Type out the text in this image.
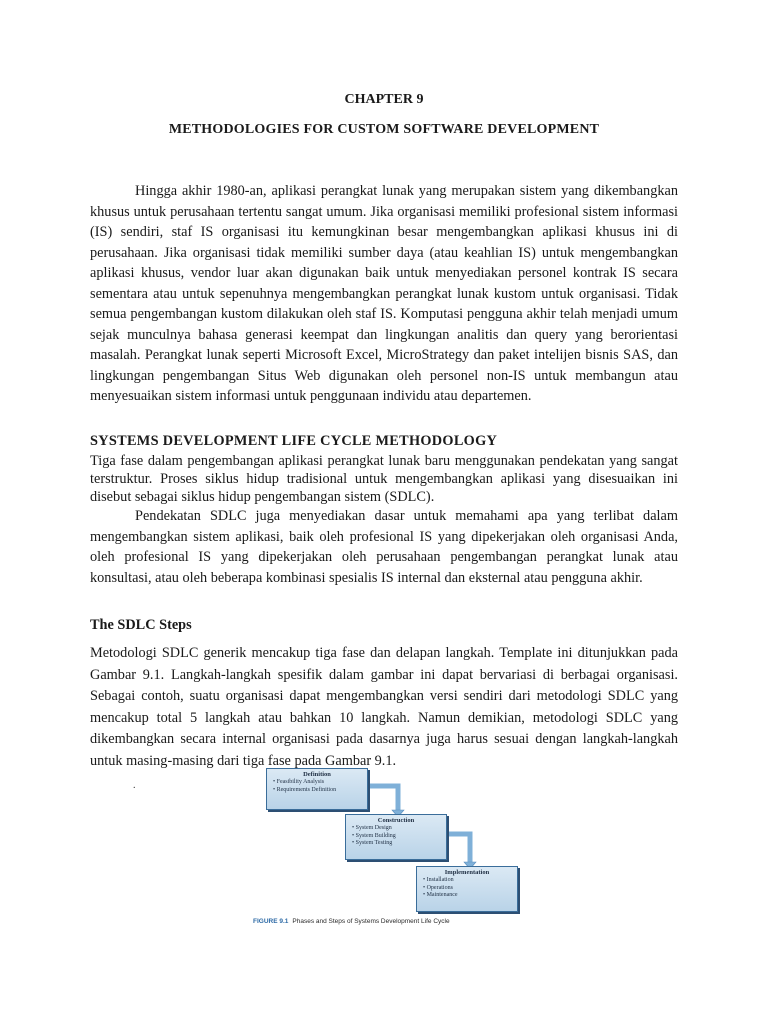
CHAPTER 9
METHODOLOGIES FOR CUSTOM SOFTWARE DEVELOPMENT

Hingga akhir 1980-an, aplikasi perangkat lunak yang merupakan sistem yang dikembangkan khusus untuk perusahaan tertentu sangat umum. Jika organisasi memiliki profesional sistem informasi (IS) sendiri, staf IS organisasi itu kemungkinan besar mengembangkan aplikasi khusus ini di perusahaan. Jika organisasi tidak memiliki sumber daya (atau keahlian IS) untuk mengembangkan aplikasi khusus, vendor luar akan digunakan baik untuk menyediakan personel kontrak IS secara sementara atau untuk sepenuhnya mengembangkan perangkat lunak kustom untuk organisasi. Tidak semua pengembangan kustom dilakukan oleh staf IS. Komputasi pengguna akhir telah menjadi umum sejak munculnya bahasa generasi keempat dan lingkungan analitis dan query yang berorientasi masalah. Perangkat lunak seperti Microsoft Excel, MicroStrategy dan paket intelijen bisnis SAS, dan lingkungan pengembangan Situs Web digunakan oleh personel non-IS untuk membangun atau menyesuaikan sistem informasi untuk penggunaan individu atau departemen.

SYSTEMS DEVELOPMENT LIFE CYCLE METHODOLOGY

Tiga fase dalam pengembangan aplikasi perangkat lunak baru menggunakan pendekatan yang sangat terstruktur. Proses siklus hidup tradisional untuk mengembangkan aplikasi yang disesuaikan ini disebut sebagai siklus hidup pengembangan sistem (SDLC).

Pendekatan SDLC juga menyediakan dasar untuk memahami apa yang terlibat dalam mengembangkan sistem aplikasi, baik oleh profesional IS yang dipekerjakan oleh organisasi Anda, oleh profesional IS yang dipekerjakan oleh perusahaan pengembangan perangkat lunak atau konsultasi, atau oleh beberapa kombinasi spesialis IS internal dan eksternal atau pengguna akhir.

The SDLC Steps

Metodologi SDLC generik mencakup tiga fase dan delapan langkah. Template ini ditunjukkan pada Gambar 9.1. Langkah-langkah spesifik dalam gambar ini dapat bervariasi di berbagai organisasi. Sebagai contoh, suatu organisasi dapat mengembangkan versi sendiri dari metodologi SDLC yang mencakup total 5 langkah atau bahkan 10 langkah. Namun demikian, metodologi SDLC yang dikembangkan secara internal organisasi pada dasarnya juga harus sesuai dengan langkah-langkah untuk masing-masing dari tiga fase pada Gambar 9.1.

.
Definition
• Feasibility Analysis
• Requirements Definition
Construction
• System Design
• System Building
• System Testing
Implementation
• Installation
• Operations
• Maintenance
FIGURE 9.1 Phases and Steps of Systems Development Life Cycle
